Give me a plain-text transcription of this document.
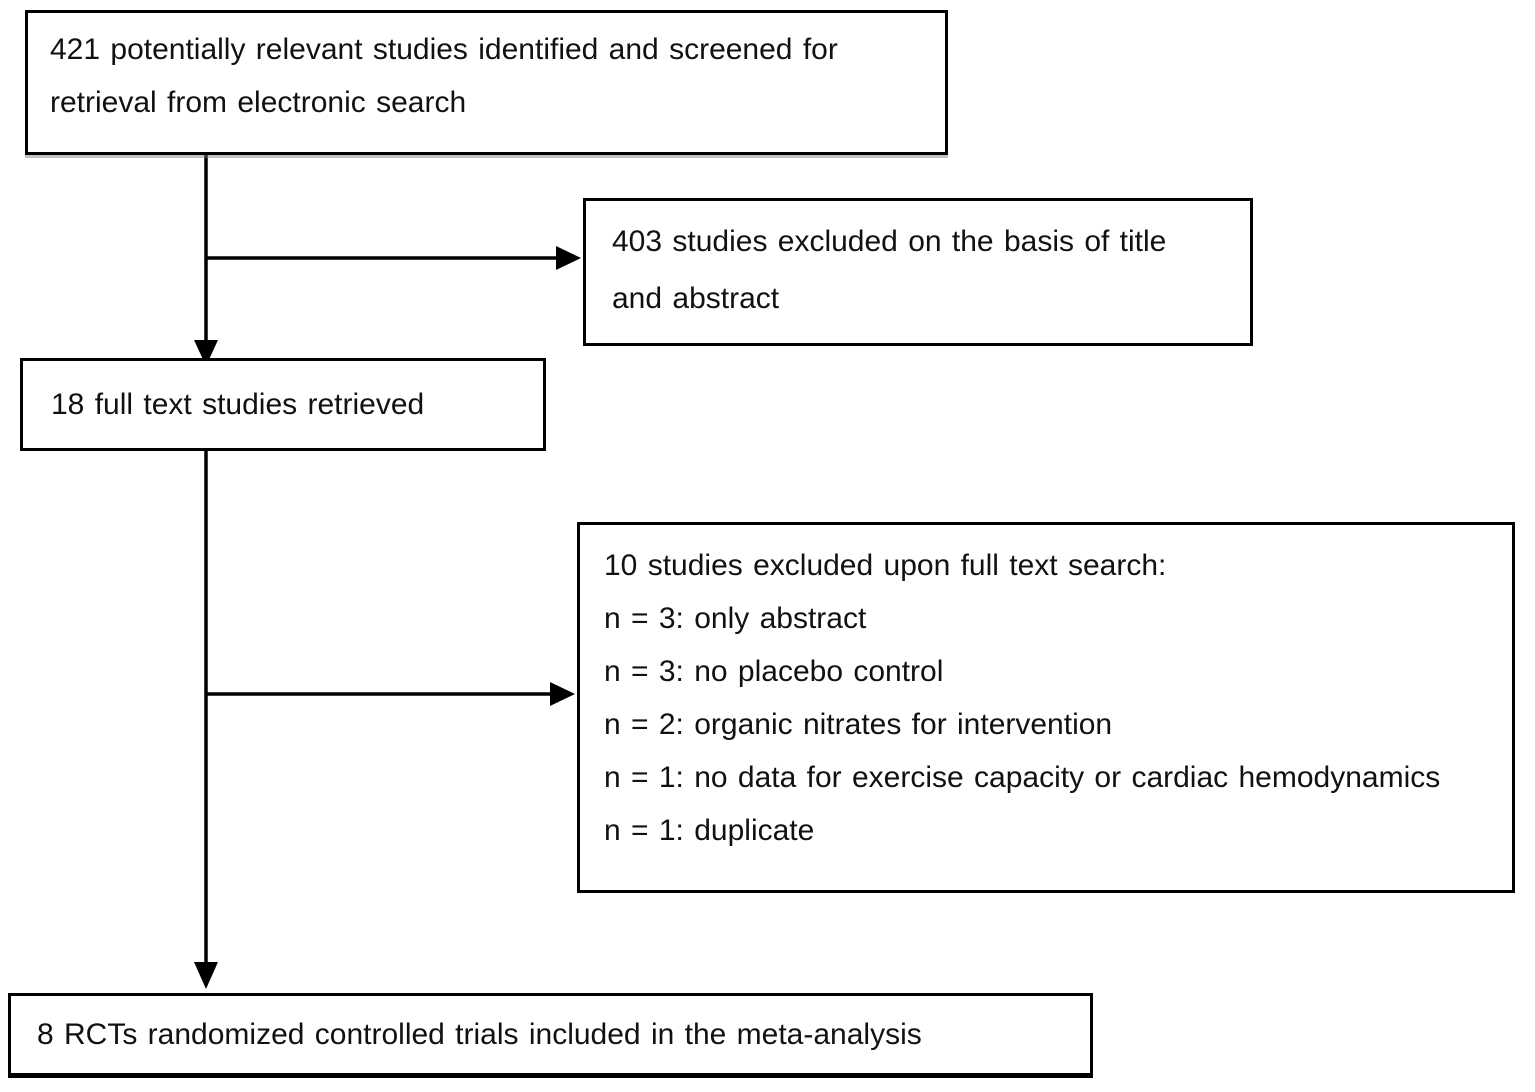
421 potentially relevant studies identified and screened for
retrieval from electronic search
403 studies excluded on the basis of title
and abstract
18 full text studies retrieved
10 studies excluded upon full text search:
n = 3: only abstract
n = 3: no placebo control
n = 2: organic nitrates for intervention
n = 1: no data for exercise capacity or cardiac hemodynamics
n = 1: duplicate
8 RCTs randomized controlled trials included in the meta-analysis
